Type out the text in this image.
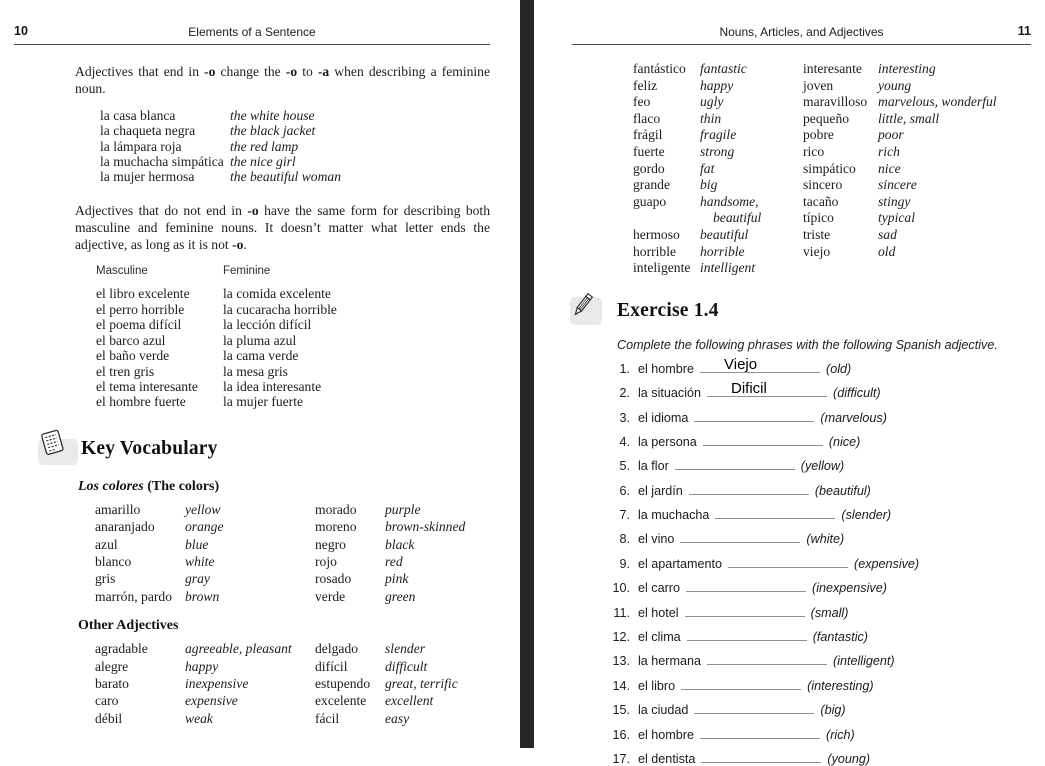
10	Elements of a Sentence

Adjectives that end in -o change the -o to -a when describing a feminine noun.

la casa blanca	the white house
la chaqueta negra	the black jacket
la lámpara roja	the red lamp
la muchacha simpática the nice girl
la mujer hermosa	the beautiful woman

Adjectives that do not end in -o have the same form for describing both masculine and feminine nouns. It doesn’t matter what letter ends the adjective, as long as it is not -o.

Masculine	Feminine
el libro excelente	la comida excelente
el perro horrible	la cucaracha horrible
el poema difícil	la lección difícil
el barco azul	la pluma azul
el baño verde	la cama verde
el tren gris	la mesa gris
el tema interesante	la idea interesante
el hombre fuerte	la mujer fuerte
Key Vocabulary
Los colores (The colors)
amarillo	yellow	morado	purple
anaranjado	orange	moreno	brown-skinned
azul	blue	negro	black
blanco	white	rojo	red
gris	gray	rosado	pink
marrón, pardo brown	verde	green
Other Adjectives
agradable	agreeable, pleasant	delgado	slender
alegre	happy	difícil	difficult
barato	inexpensive	estupendo	great, terrific
caro	expensive	excelente	excellent
débil	weak	fácil	easy
11
Nouns, Articles, and Adjectives
fantástico	fantastic	interesante	interesting
feliz	happy	joven	young
feo	ugly	maravilloso marvelous, wonderful
flaco	thin	pequeño	little, small
frágil	fragile	pobre	poor
fuerte	strong	rico	rich
gordo	fat	simpático	nice
grande	big	sincero	sincere
guapo	handsome,	tacaño	stingy
beautiful	típico	typical
hermoso	beautiful	triste	sad
horrible	horrible	viejo	old
inteligente intelligent
Exercise 1.4
Complete the following phrases with the following Spanish adjective.
1. el hombre Viejo	(old)
2. la situación Dificil	(difficult)
3. el idioma	(marvelous)
4. la persona	(nice)
5. la flor	(yellow)
6. el jardín	(beautiful)
7. la muchacha	(slender)
8. el vino	(white)
9. el apartamento	(expensive)
10. el carro	(inexpensive)
11. el hotel	(small)
12. el clima	(fantastic)
13. la hermana	(intelligent)
14. el libro	(interesting)
15. la ciudad	(big)
16. el hombre	(rich)
17. el dentista	(young)
